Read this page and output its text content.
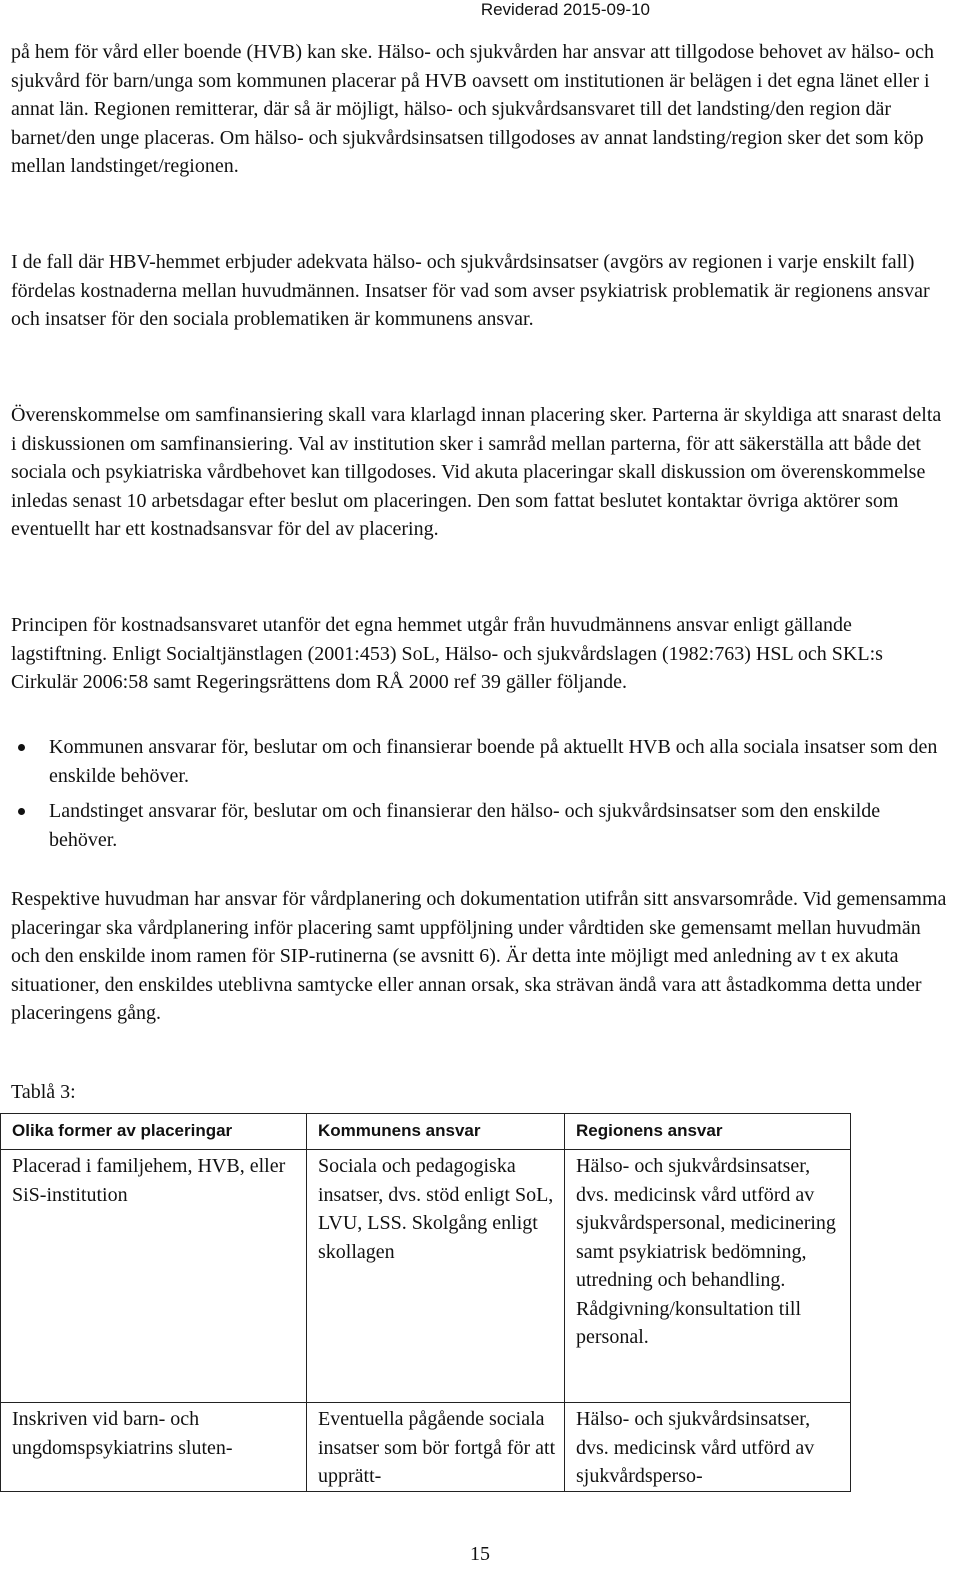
Reviderad 2015-09-10

på hem för vård eller boende (HVB) kan ske. Hälso- och sjukvården har ansvar att tillgodose behovet av hälso- och sjukvård för barn/unga som kommunen placerar på HVB oavsett om institutionen är belägen i det egna länet eller i annat län. Regionen remitterar, där så är möjligt, hälso- och sjukvårdsansvaret till det landsting/den region där barnet/den unge placeras. Om hälso- och sjukvårdsinsatsen tillgodoses av annat landsting/region sker det som köp mellan landstinget/regionen.

I de fall där HBV-hemmet erbjuder adekvata hälso- och sjukvårdsinsatser (avgörs av regionen i varje enskilt fall) fördelas kostnaderna mellan huvudmännen. Insatser för vad som avser psykiatrisk problematik är regionens ansvar och insatser för den sociala problematiken är kommunens ansvar.

Överenskommelse om samfinansiering skall vara klarlagd innan placering sker. Parterna är skyldiga att snarast delta i diskussionen om samfinansiering. Val av institution sker i samråd mellan parterna, för att säkerställa att både det sociala och psykiatriska vårdbehovet kan tillgodoses. Vid akuta placeringar skall diskussion om överenskommelse inledas senast 10 arbetsdagar efter beslut om placeringen. Den som fattat beslutet kontaktar övriga aktörer som eventuellt har ett kostnadsansvar för del av placering.

Principen för kostnadsansvaret utanför det egna hemmet utgår från huvudmännens ansvar enligt gällande lagstiftning. Enligt Socialtjänstlagen (2001:453) SoL, Hälso- och sjukvårdslagen (1982:763) HSL och SKL:s Cirkulär 2006:58 samt Regeringsrättens dom RÅ 2000 ref 39 gäller följande.

Kommunen ansvarar för, beslutar om och finansierar boende på aktuellt HVB och alla sociala insatser som den enskilde behöver.
Landstinget ansvarar för, beslutar om och finansierar den hälso- och sjukvårdsinsatser som den enskilde behöver.

Respektive huvudman har ansvar för vårdplanering och dokumentation utifrån sitt ansvarsområde. Vid gemensamma placeringar ska vårdplanering inför placering samt uppföljning under vårdtiden ske gemensamt mellan huvudmän och den enskilde inom ramen för SIP-rutinerna (se avsnitt 6). Är detta inte möjligt med anledning av t ex akuta situationer, den enskildes uteblivna samtycke eller annan orsak, ska strävan ändå vara att åstadkomma detta under placeringens gång.

Tablå 3:
Olika former av placeringar	Kommunens ansvar	Regionens ansvar
Placerad i familjehem, HVB, eller SiS-institution	Sociala och pedagogiska insatser, dvs. stöd enligt SoL, LVU, LSS. Skolgång enligt skollagen	Hälso- och sjukvårdsinsatser, dvs. medicinsk vård utförd av sjukvårdspersonal, medicinering samt psykiatrisk bedömning, utredning och behandling. Rådgivning/konsultation till personal.
Inskriven vid barn- och ungdomspsykiatrins sluten-	Eventuella pågående sociala insatser som bör fortgå för att upprätt-	Hälso- och sjukvårdsinsatser, dvs. medicinsk vård utförd av sjukvårdsperso-
15
